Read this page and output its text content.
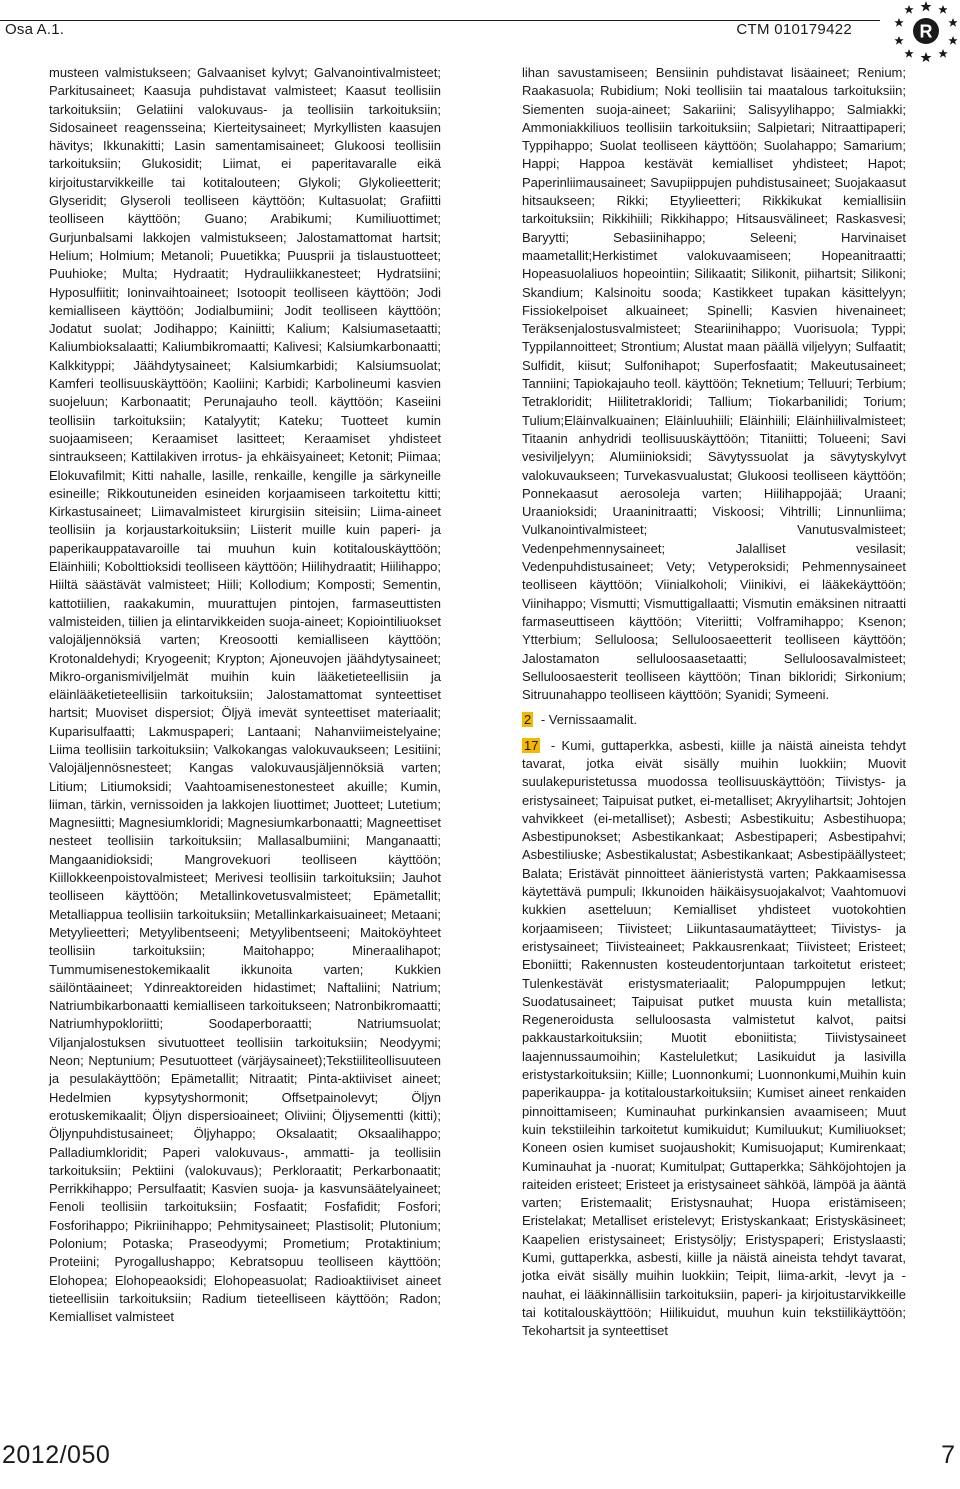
Osa A.1.	CTM 010179422	R

musteen valmistukseen; Galvaaniset kylvyt; Galvanointivalmisteet; Parkitusaineet; Kaasuja puhdistavat valmisteet; Kaasut teollisiin tarkoituksiin; Gelatiini valokuvaus- ja teollisiin tarkoituksiin; Sidosaineet reagensseina; Kierteitysaineet; Myrkyllisten kaasujen hävitys; Ikkunakitti; Lasin samentamisaineet; Glukoosi teollisiin tarkoituksiin; Glukosidit; Liimat, ei paperitavaralle eikä kirjoitustarvikkeille tai kotitalouteen; Glykoli; Glykolieetterit; Glyseridit; Glyseroli teolliseen käyttöön; Kultasuolat; Grafiitti teolliseen käyttöön; Guano; Arabikumi; Kumiliuottimet; Gurjunbalsami lakkojen valmistukseen; Jalostamattomat hartsit; Helium; Holmium; Metanoli; Puuetikka; Puusprii ja tislaustuotteet; Puuhioke; Multa; Hydraatit; Hydrauliikkanesteet; Hydratsiini; Hyposulfiitit; Ioninvaihtoaineet; Isotoopit teolliseen käyttöön; Jodi kemialliseen käyttöön; Jodialbumiini; Jodit teolliseen käyttöön; Jodatut suolat; Jodihappo; Kainiitti; Kalium; Kalsiumasetaatti; Kaliumbioksalaatti; Kaliumbikromaatti; Kalivesi; Kalsiumkarbonaatti; Kalkkityppi; Jäähdytysaineet; Kalsiumkarbidi; Kalsiumsuolat; Kamferi teollisuuskäyttöön; Kaoliini; Karbidi; Karbolineumi kasvien suojeluun; Karbonaatit; Perunajauho teoll. käyttöön; Kaseiini teollisiin tarkoituksiin; Katalyytit; Kateku; Tuotteet kumin suojaamiseen; Keraamiset lasitteet; Keraamiset yhdisteet sintraukseen; Kattilakiven irrotus- ja ehkäisyaineet; Ketonit; Piimaa; Elokuvafilmit; Kitti nahalle, lasille, renkaille, kengille ja särkyneille esineille; Rikkoutuneiden esineiden korjaamiseen tarkoitettu kitti; Kirkastusaineet; Liimavalmisteet kirurgisiin siteisiin; Liima-aineet teollisiin ja korjaustarkoituksiin; Liisterit muille kuin paperi- ja paperikauppatavaroille tai muuhun kuin kotitalouskäyttöön; Eläinhiili; Kobolttioksidi teolliseen käyttöön; Hiilihydraatit; Hiilihappo; Hiiltä säästävät valmisteet; Hiili; Kollodium; Komposti; Sementin, kattotiilien, raakakumin, muurattujen pintojen, farmaseuttisten valmisteiden, tiilien ja elintarvikkeiden suoja-aineet; Kopiointiliuokset valojäljennöksiä varten; Kreosootti kemialliseen käyttöön; Krotonaldehydi; Kryogeenit; Krypton; Ajoneuvojen jäähdytysaineet; Mikro-organismiviljelmät muihin kuin lääketieteellisiin ja eläinlääketieteellisiin tarkoituksiin; Jalostamattomat synteettiset hartsit; Muoviset dispersiot; Öljyä imevät synteettiset materiaalit; Kuparisulfaatti; Lakmuspaperi; Lantaani; Nahanviimeistelyaine; Liima teollisiin tarkoituksiin; Valkokangas valokuvaukseen; Lesitiini; Valojäljennösnesteet; Kangas valokuvausjäljennöksiä varten; Litium; Litiumoksidi; Vaahtoamisenestonesteet akuille; Kumin, liiman, tärkin, vernissoiden ja lakkojen liuottimet; Juotteet; Lutetium; Magnesiitti; Magnesiumkloridi; Magnesiumkarbonaatti; Magneettiset nesteet teollisiin tarkoituksiin; Mallasalbumiini; Manganaatti; Mangaanidioksidi; Mangrovekuori teolliseen käyttöön; Kiillokkeenpoistovalmisteet; Merivesi teollisiin tarkoituksiin; Jauhot teolliseen käyttöön; Metallinkovetusvalmisteet; Epämetallit; Metalliappua teollisiin tarkoituksiin; Metallinkarkaisuaineet; Metaani; Metyylieetteri; Metyylibentseeni; Metyylibentseeni; Maitoköyhteet teollisiin tarkoituksiin; Maitohappo; Mineraalihapot; Tummumisenestokemikaalit ikkunoita varten; Kukkien säilöntäaineet; Ydinreaktoreiden hidastimet; Naftaliini; Natrium; Natriumbikarbonaatti kemialliseen tarkoitukseen; Natronbikromaatti; Natriumhypokloriitti; Soodaperboraatti; Natriumsuolat; Viljanjalostuksen sivutuotteet teollisiin tarkoituksiin; Neodyymi; Neon; Neptunium; Pesutuotteet (värjäysaineet);Tekstiiliteollisuuteen ja pesulakäyttöön; Epämetallit; Nitraatit; Pinta-aktiiviset aineet; Hedelmien kypsytyshormonit; Offsetpainolevyt; Öljyn erotuskemikaalit; Öljyn dispersioaineet; Oliviini; Öljysementti (kitti); Öljynpuhdistusaineet; Öljyhappo; Oksalaatit; Oksaalihappo; Palladiumkloridit; Paperi valokuvaus-, ammatti- ja teollisiin tarkoituksiin; Pektiini (valokuvaus); Perkloraatit; Perkarbonaatit; Perrikkihappo; Persulfaatit; Kasvien suoja- ja kasvunsäätelyaineet; Fenoli teollisiin tarkoituksiin; Fosfaatit; Fosfafidit; Fosfori; Fosforihappo; Pikriinihappo; Pehmitysaineet; Plastisolit; Plutonium; Polonium; Potaska; Praseodyymi; Prometium; Protaktinium; Proteiini; Pyrogallushappo; Kebratsopuu teolliseen käyttöön; Elohopea; Elohopeaoksidi; Elohopeasuolat; Radioaktiiviset aineet tieteellisiin tarkoituksiin; Radium tieteelliseen käyttöön; Radon; Kemialliset valmisteet

lihan savustamiseen; Bensiinin puhdistavat lisäaineet; Renium; Raakasuola; Rubidium; Noki teollisiin tai maatalous tarkoituksiin; Siementen suoja-aineet; Sakariini; Salisyylihappo; Salmiakki; Ammoniakkiliuos teollisiin tarkoituksiin; Salpietari; Nitraattipaperi; Typpihappo; Suolat teolliseen käyttöön; Suolahappo; Samarium; Happi; Happoa kestävät kemialliset yhdisteet; Hapot; Paperinliimausaineet; Savupiippujen puhdistusaineet; Suojakaasut hitsaukseen; Rikki; Etyylieetteri; Rikkikukat kemiallisiin tarkoituksiin; Rikkihiili; Rikkihappo; Hitsausvälineet; Raskasvesi; Baryytti; Sebasiinihappo; Seleeni; Harvinaiset maametallit;Herkistimet valokuvaamiseen; Hopeanitraatti; Hopeasuolaliuos hopeointiin; Silikaatit; Silikonit, piihartsit; Silikoni; Skandium; Kalsinoitu sooda; Kastikkeet tupakan käsittelyyn; Fissiokelpoiset alkuaineet; Spinelli; Kasvien hivenaineet; Teräksenjalostusvalmisteet; Steariinihappo; Vuorisuola; Typpi; Typpilannoitteet; Strontium; Alustat maan päällä viljelyyn; Sulfaatit; Sulfidit, kiisut; Sulfonihapot; Superfosfaatit; Makeutusaineet; Tanniini; Tapiokajauho teoll. käyttöön; Teknetium; Telluuri; Terbium; Tetrakloridit; Hiilitetrakloridi; Tallium; Tiokarbanilidi; Torium; Tulium;Eläinvalkuainen; Eläinluuhiili; Eläinhiili; Eläinhiilivalmisteet; Titaanin anhydridi teollisuuskäyttöön; Titaniitti; Tolueeni; Savi vesiviljelyyn; Alumiinioksidi; Sävytyssuolat ja sävytyskylvyt valokuvaukseen; Turvekasvualustat; Glukoosi teolliseen käyttöön; Ponnekaasut aerosoleja varten; Hiilihappojää; Uraani; Uraanioksidi; Uraaninitraatti; Viskoosi; Vihtrilli; Linnunliima; Vulkanointivalmisteet; Vanutusvalmisteet; Vedenpehmennysaineet; Jalalliset vesilasit; Vedenpuhdistusaineet; Vety; Vetyperoksidi; Pehmennysaineet teolliseen käyttöön; Viinialkoholi; Viinikivi, ei lääkekäyttöön; Viinihappo; Vismutti; Vismuttigallaatti; Vismutin emäksinen nitraatti farmaseuttiseen käyttöön; Viteriitti; Volframihappo; Ksenon; Ytterbium; Selluloosa; Selluloosaeetterit teolliseen käyttöön; Jalostamaton selluloosaasetaatti; Selluloosavalmisteet; Selluloosaesterit teolliseen käyttöön; Tinan bikloridi; Sirkonium; Sitruunahappo teolliseen käyttöön; Syanidi; Symeeni.

2 - Vernissaamalit.

17 - Kumi, guttaperkka, asbesti, kiille ja näistä aineista tehdyt tavarat, jotka eivät sisälly muihin luokkiin; Muovit suulakepuristetussa muodossa teollisuuskäyttöön; Tiivistys- ja eristysaineet; Taipuisat putket, ei-metalliset; Akryylihartsit; Johtojen vahvikkeet (ei-metalliset); Asbesti; Asbestikuitu; Asbestihuopa; Asbestipunokset; Asbestikankaat; Asbestipaperi; Asbestipahvi; Asbestiliuske; Asbestikalustat; Asbestikankaat; Asbestipäällysteet; Balata; Eristävät pinnoitteet äänieristystä varten; Pakkaamisessa käytettävä pumpuli; Ikkunoiden häikäisysuojakalvot; Vaahtomuovi kukkien asetteluun; Kemialliset yhdisteet vuotokohtien korjaamiseen; Tiivisteet; Liikuntasaumatäytteet; Tiivistys- ja eristysaineet; Tiivisteaineet; Pakkausrenkaat; Tiivisteet; Eristeet; Eboniitti; Rakennusten kosteudentorjuntaan tarkoitetut eristeet; Tulenkestävät eristysmateriaalit; Palopumppujen letkut; Suodatusaineet; Taipuisat putket muusta kuin metallista; Regeneroidusta selluloosasta valmistetut kalvot, paitsi pakkaustarkoituksiin; Muotit eboniitista; Tiivistysaineet laajennussaumoihin; Kasteluletkut; Lasikuidut ja lasivilla eristystarkoituksiin; Kiille; Luonnonkumi; Luonnonkumi,Muihin kuin paperikauppa- ja kotitaloustarkoituksiin; Kumiset aineet renkaiden pinnoittamiseen; Kuminauhat purkinkansien avaamiseen; Muut kuin tekstiileihin tarkoitetut kumikuidut; Kumiluukut; Kumiliuokset; Koneen osien kumiset suojaushokit; Kumisuojaput; Kumirenkaat; Kuminauhat ja -nuorat; Kumitulpat; Guttaperkka; Sähköjohtojen ja raiteiden eristeet; Eristeet ja eristysaineet sähköä, lämpöä ja ääntä varten; Eristemaalit; Eristysnauhat; Huopa eristämiseen; Eristelakat; Metalliset eristelevyt; Eristyskankaat; Eristyskäsineet; Kaapelien eristysaineet; Eristysöljy; Eristyspaperi; Eristyslaasti; Kumi, guttaperkka, asbesti, kiille ja näistä aineista tehdyt tavarat, jotka eivät sisälly muihin luokkiin; Teipit, liima-arkit, -levyt ja -nauhat, ei lääkinnällisiin tarkoituksiin, paperi- ja kirjoitustarvikkeille tai kotitalouskäyttöön; Hiilikuidut, muuhun kuin tekstiilikäyttöön; Tekohartsit ja synteettiset

2012/050	7
